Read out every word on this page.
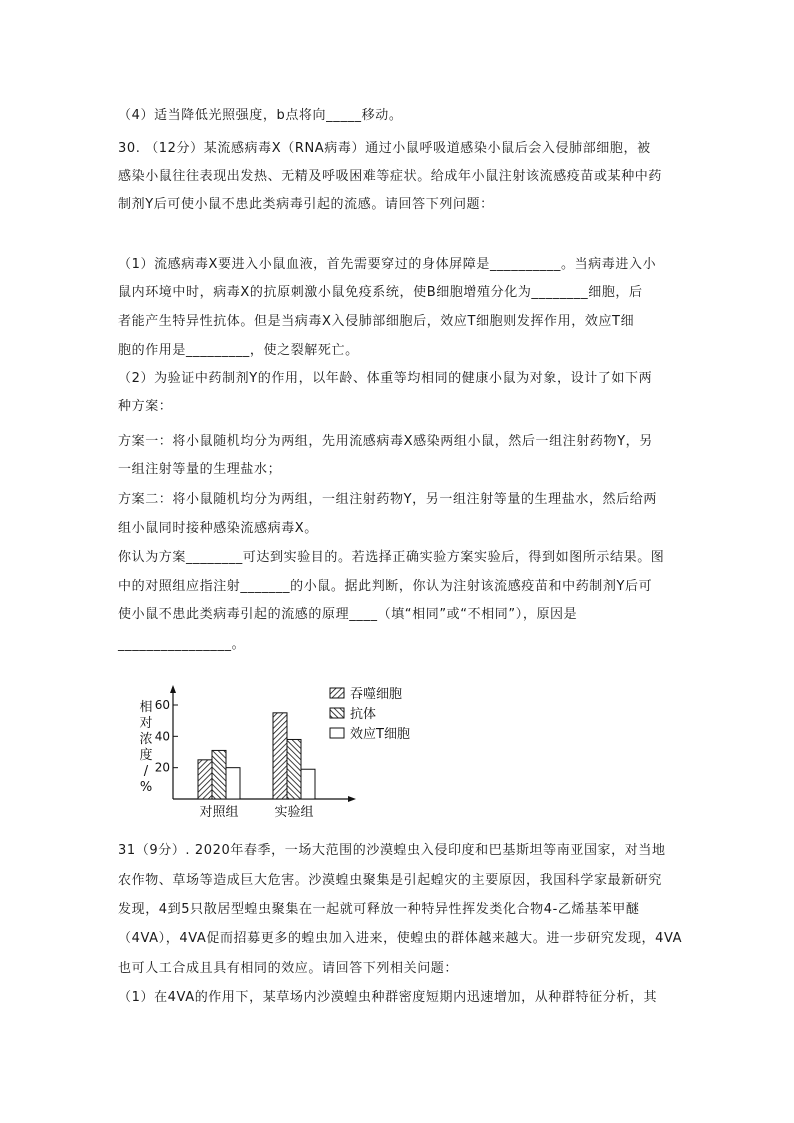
（4）适当降低光照强度，b点将向_____移动。
30. （12分）某流感病毒X（RNA病毒）通过小鼠呼吸道感染小鼠后会入侵肺部细胞，被
感染小鼠往往表现出发热、无精及呼吸困难等症状。给成年小鼠注射该流感疫苗或某种中药
制剂Y后可使小鼠不患此类病毒引起的流感。请回答下列问题：
（1）流感病毒X要进入小鼠血液，首先需要穿过的身体屏障是__________。当病毒进入小
鼠内环境中时，病毒X的抗原刺激小鼠免疫系统，使B细胞增殖分化为________细胞，后
者能产生特异性抗体。但是当病毒X入侵肺部细胞后，效应T细胞则发挥作用，效应T细
胞的作用是_________，使之裂解死亡。
（2）为验证中药制剂Y的作用，以年龄、体重等均相同的健康小鼠为对象，设计了如下两
种方案：
方案一：将小鼠随机均分为两组，先用流感病毒X感染两组小鼠，然后一组注射药物Y，另
一组注射等量的生理盐水；
方案二：将小鼠随机均分为两组，一组注射药物Y，另一组注射等量的生理盐水，然后给两
组小鼠同时接种感染流感病毒X。
你认为方案________可达到实验目的。若选择正确实验方案实验后，得到如图所示结果。图
中的对照组应指注射_______的小鼠。据此判断，你认为注射该流感疫苗和中药制剂Y后可
使小鼠不患此类病毒引起的流感的原理____（填“相同”或“不相同”），原因是
________________。
相对浓度/ %
20
40
60
对照组	实验组
吞噬细胞
抗体
效应T细胞
31（9分）. 2020年春季，一场大范围的沙漠蝗虫入侵印度和巴基斯坦等南亚国家，对当地
农作物、草场等造成巨大危害。沙漠蝗虫聚集是引起蝗灾的主要原因，我国科学家最新研究
发现，4到5只散居型蝗虫聚集在一起就可释放一种特异性挥发类化合物4-乙烯基苯甲醚
（4VA），4VA促而招募更多的蝗虫加入进来，使蝗虫的群体越来越大。进一步研究发现，4VA
也可人工合成且具有相同的效应。请回答下列相关问题：
（1）在4VA的作用下，某草场内沙漠蝗虫种群密度短期内迅速增加，从种群特征分析，其
